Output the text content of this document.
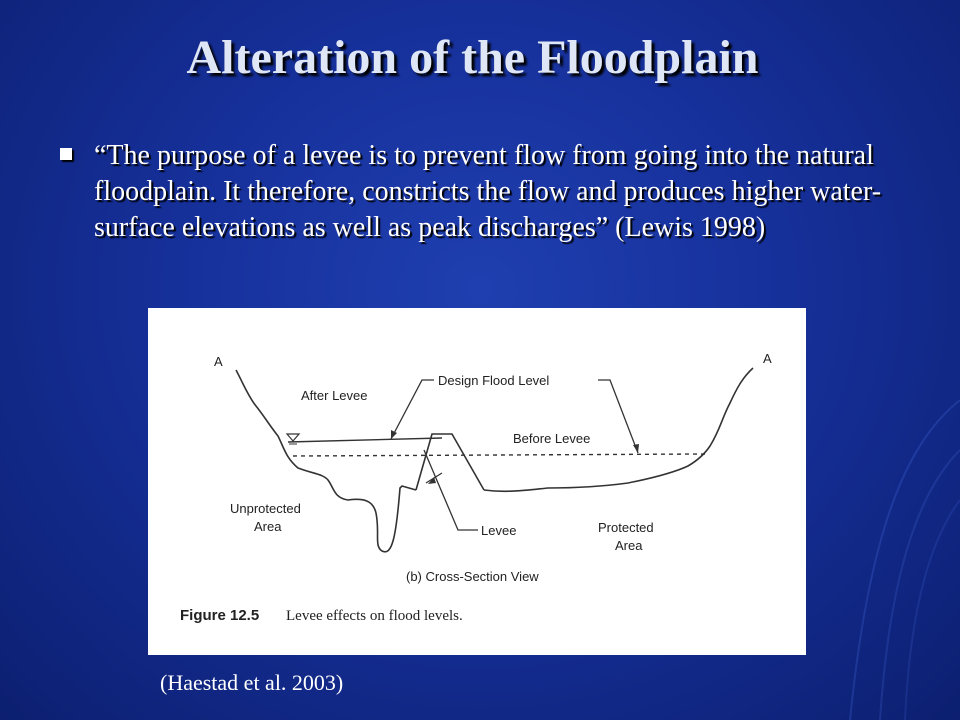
Alteration of the Floodplain
“The purpose of a levee is to prevent flow from going into the natural floodplain. It therefore, constricts the flow and produces higher water-surface elevations as well as peak discharges” (Lewis 1998)
A	A
After Levee
Design Flood Level
Before Levee
Unprotected
Area	Levee	Protected
Area
(b) Cross-Section View
Figure 12.5 Levee effects on flood levels.
(Haestad et al. 2003)
